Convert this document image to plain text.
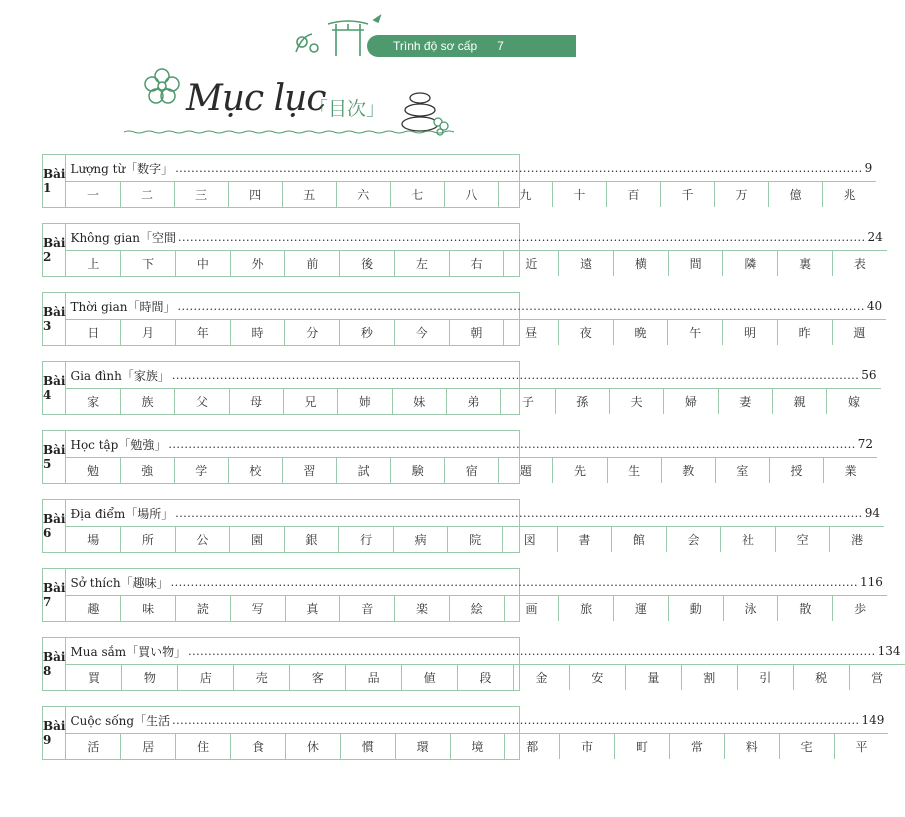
Trình độ sơ cấp 7
Mục lục
「目次」
Bài 1
Lượng từ「数字」 .....	9
一	二	三	四	五	六	七	八	九	十	百	千	万	億	兆
Bài 2
Không gian「空間 .....	24
上	下	中	外	前	後	左	右	近	遠	横	間	隣	裏	表
Bài 3
Thời gian「時間」 .....	40
日	月	年	時	分	秒	今	朝	昼	夜	晩	午	明	昨	週
Bài 4
Gia đình「家族」 .....	56
家	族	父	母	兄	姉	妹	弟	子	孫	夫	婦	妻	親	嫁
Bài 5
Học tập「勉強」 .....	72
勉	強	学	校	習	試	験	宿	題	先	生	教	室	授	業
Bài 6
Địa điểm「場所」 .....	94
場	所	公	園	銀	行	病	院	図	書	館	会	社	空	港
Bài 7
Sở thích「趣味」 .....	116
趣	味	読	写	真	音	楽	絵	画	旅	運	動	泳	散	歩
Bài 8
Mua sắm「買い物」 .....	134
買	物	店	売	客	品	値	段	金	安	量	割	引	税	営
Bài 9
Cuộc sống「生活 .....	149
活	居	住	食	休	慣	環	境	都	市	町	常	料	宅	平
